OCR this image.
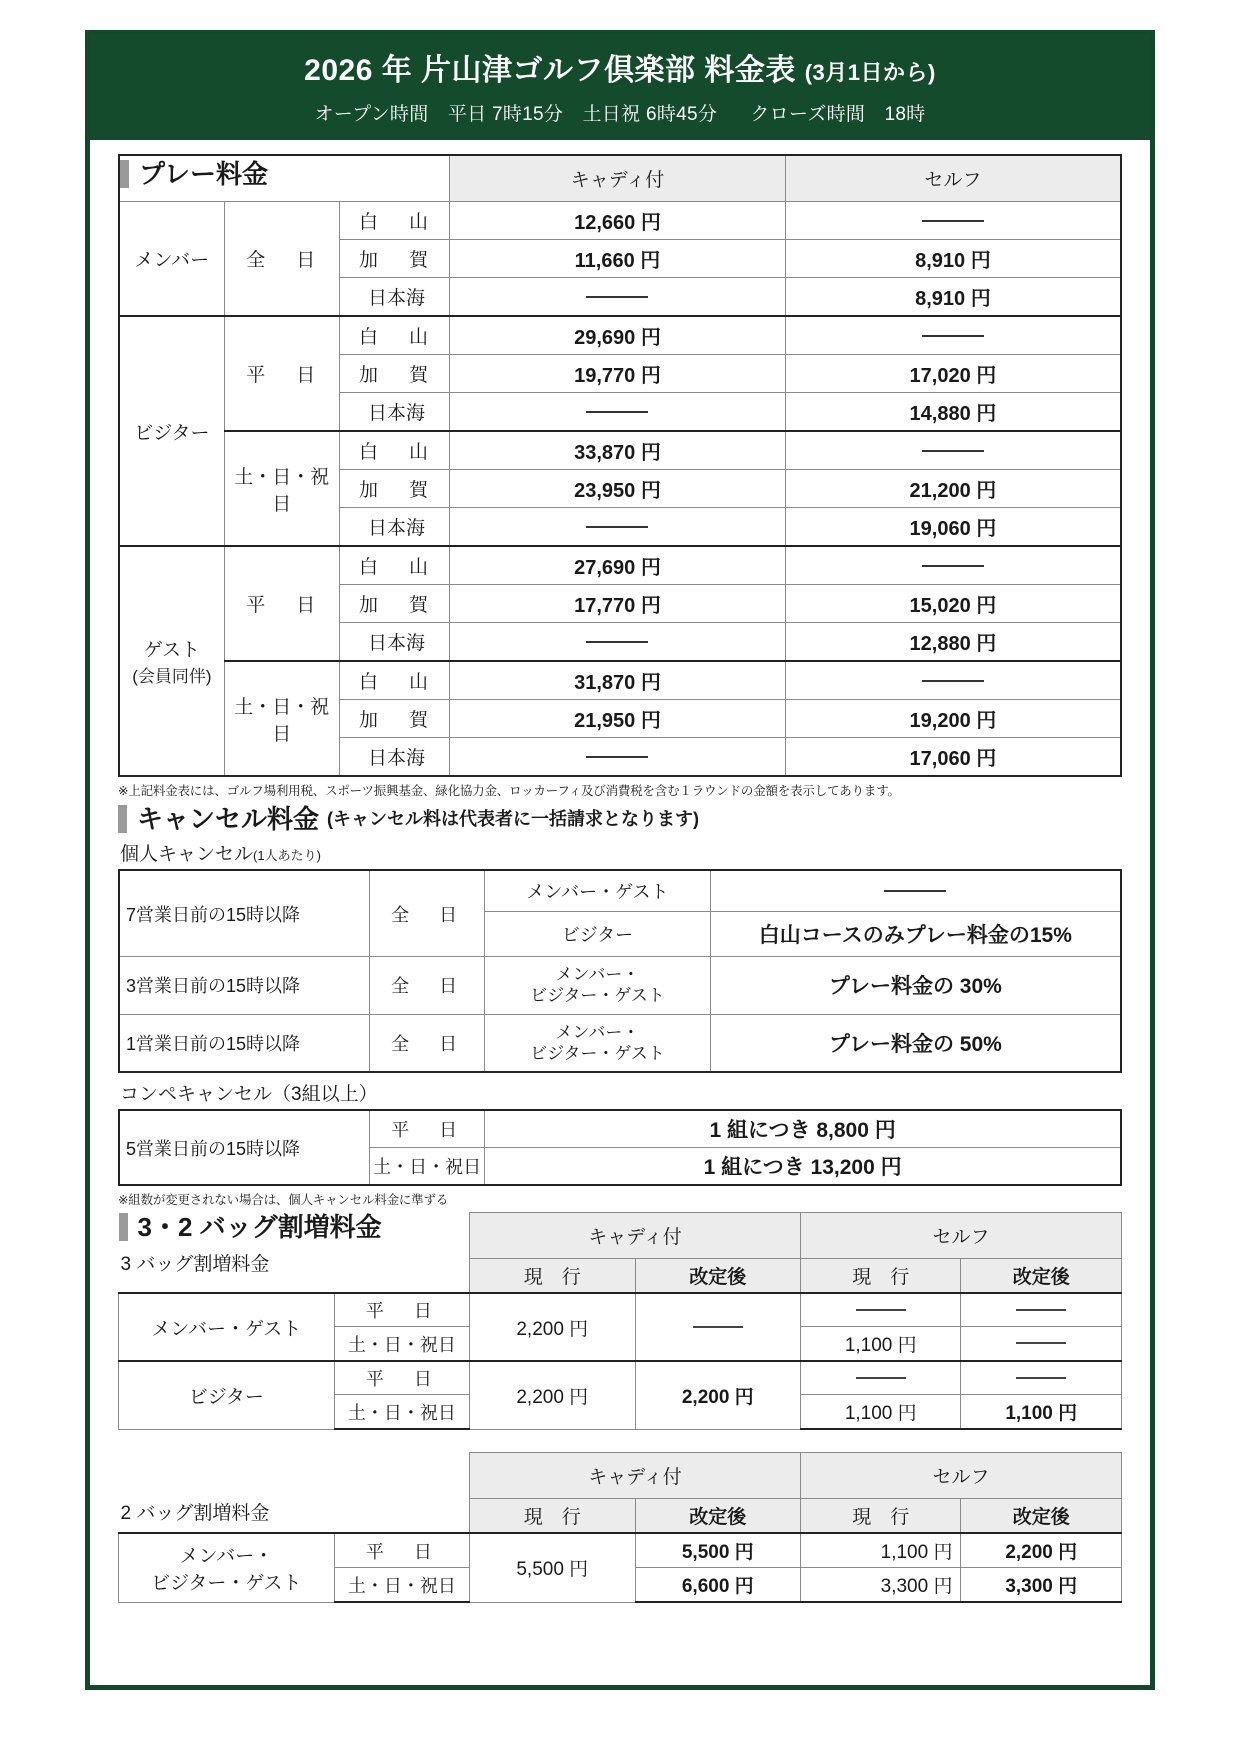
2026 年 片山津ゴルフ倶楽部 料金表 (3月1日から)
オープン時間　平日 7時15分　土日祝 6時45分 クローズ時間　18時
プレー料金			キャディ付	セルフ
メンバー	全　日	白　山	12,660 円	
		加　賀	11,660 円	8,910 円
		日本海		8,910 円
ビジター	平　日	白　山	29,690 円	
		加　賀	19,770 円	17,020 円
		日本海		14,880 円
	土・日・祝日	白　山	33,870 円	
		加　賀	23,950 円	21,200 円
		日本海		19,060 円

ゲスト
(会員同伴)	平　日	白　山	27,690 円	
		加　賀	17,770 円	15,020 円
		日本海		12,880 円
	土・日・祝日	白　山	31,870 円	
		加　賀	21,950 円	19,200 円
		日本海		17,060 円
※上記料金表には、ゴルフ場利用税、スポーツ振興基金、緑化協力金、ロッカーフィ及び消費税を含む１ラウンドの金額を表示してあります。
キャンセル料金 (キャンセル料は代表者に一括請求となります)
個人キャンセル(1人あたり)
7営業日前の15時以降	全　日	メンバー・ゲスト	
		ビジター	白山コースのみプレー料金の15%
3営業日前の15時以降	全　日	メンバー・
ビジター・ゲスト	プレー料金の 30%
1営業日前の15時以降	全　日	メンバー・
ビジター・ゲスト	プレー料金の 50%
コンペキャンセル（3組以上）
5営業日前の15時以降	平　日	1 組につき 8,800 円
	土・日・祝日	1 組につき 13,200 円
※組数が変更されない場合は、個人キャンセル料金に準ずる
3・2 バッグ割増料金
3 バッグ割増料金		キャディ付		セルフ	
		現　行	改定後	現　行	改定後
メンバー・ゲスト	平　日	2,200 円			
	土・日・祝日			1,100 円	
ビジター	平　日	2,200 円	2,200 円		
	土・日・祝日			1,100 円	1,100 円
2 バッグ割増料金		キャディ付		セルフ	
		現　行	改定後	現　行	改定後

メンバー・
ビジター・ゲスト	平　日	5,500 円	5,500 円	1,100 円	2,200 円
	土・日・祝日		6,600 円	3,300 円	3,300 円
